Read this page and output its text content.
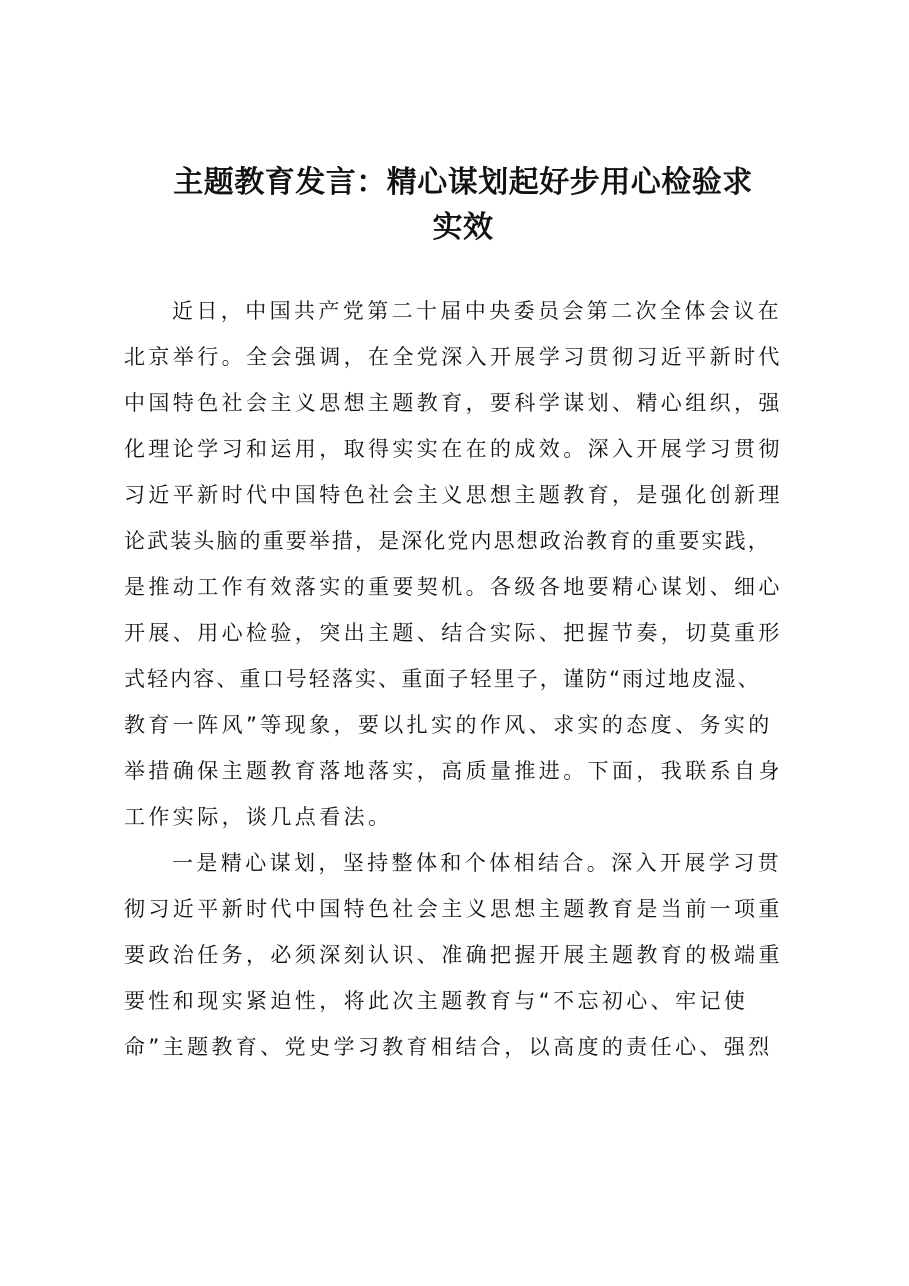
主题教育发言：精心谋划起好步用心检验求
实效
近日，中国共产党第二十届中央委员会第二次全体会议在
北京举行。全会强调，在全党深入开展学习贯彻习近平新时代
中国特色社会主义思想主题教育，要科学谋划、精心组织，强
化理论学习和运用，取得实实在在的成效。深入开展学习贯彻
习近平新时代中国特色社会主义思想主题教育，是强化创新理
论武装头脑的重要举措，是深化党内思想政治教育的重要实践，
是推动工作有效落实的重要契机。各级各地要精心谋划、细心
开展、用心检验，突出主题、结合实际、把握节奏，切莫重形
式轻内容、重口号轻落实、重面子轻里子，谨防“雨过地皮湿、
教育一阵风”等现象，要以扎实的作风、求实的态度、务实的
举措确保主题教育落地落实，高质量推进。下面，我联系自身
工作实际，谈几点看法。
一是精心谋划，坚持整体和个体相结合。深入开展学习贯
彻习近平新时代中国特色社会主义思想主题教育是当前一项重
要政治任务，必须深刻认识、准确把握开展主题教育的极端重
要性和现实紧迫性，将此次主题教育与“不忘初心、牢记使
命”主题教育、党史学习教育相结合，以高度的责任心、强烈
